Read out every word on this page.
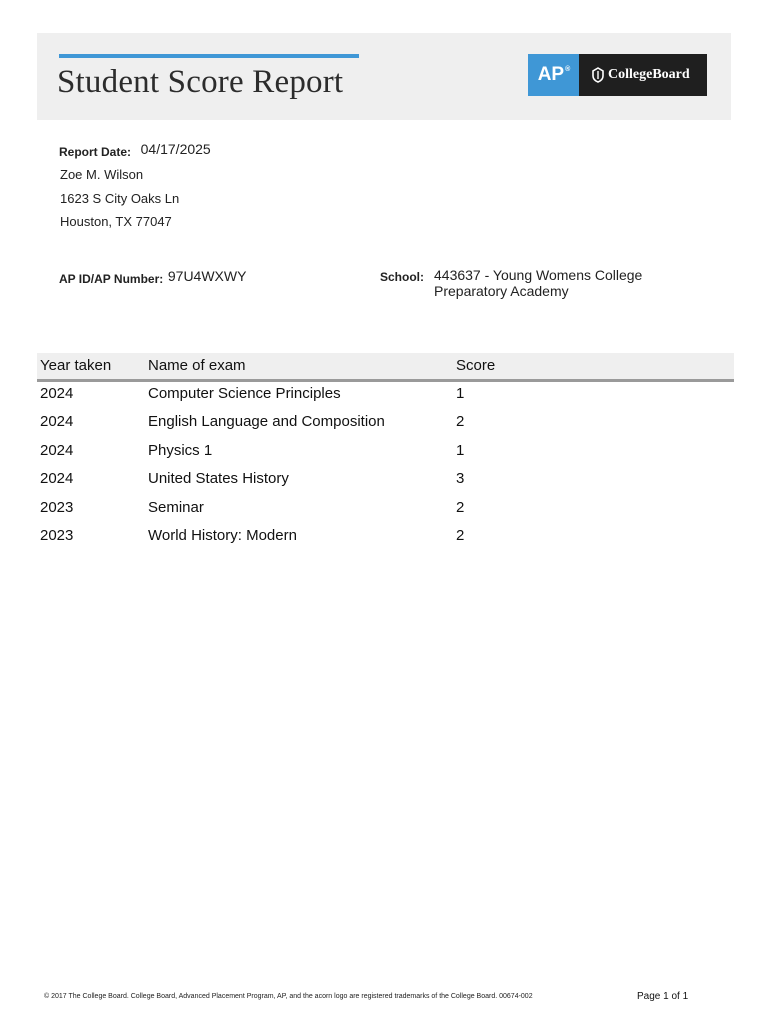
Student Score Report	AP®	CollegeBoard
Report Date: 04/17/2025
Zoe M. Wilson
1623 S City Oaks Ln
Houston, TX 77047
AP ID/AP Number: 97U4WXWY	School: 443637 - Young Womens College
Preparatory Academy
Year taken Name of exam	Score
2024	Computer Science Principles	1
2024	English Language and Composition	2
2024	Physics 1	1
2024	United States History	3
2023	Seminar	2
2023	World History: Modern	2
© 2017 The College Board. College Board, Advanced Placement Program, AP, and the acorn logo are registered trademarks of the College Board. 00674-002	Page 1 of 1
